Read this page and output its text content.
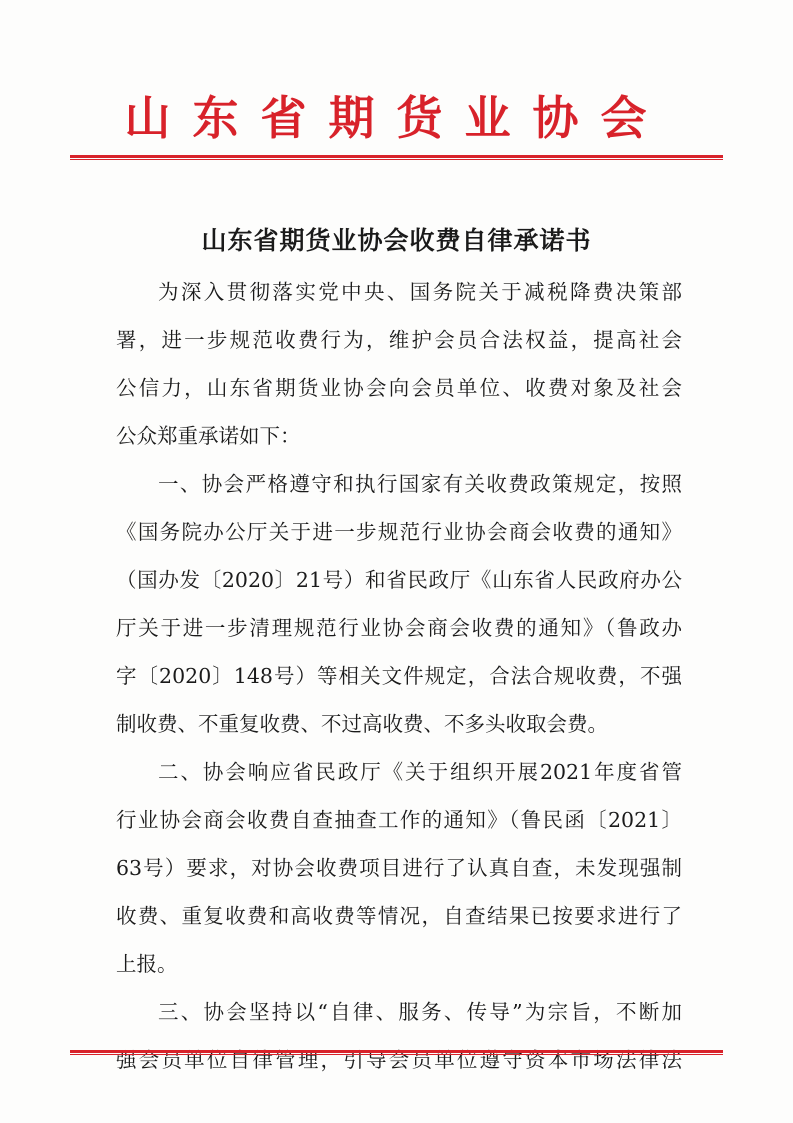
山东省期货业协会
山东省期货业协会收费自律承诺书
为深入贯彻落实党中央、国务院关于减税降费决策部
署，进一步规范收费行为，维护会员合法权益，提高社会
公信力，山东省期货业协会向会员单位、收费对象及社会
公众郑重承诺如下：
一、协会严格遵守和执行国家有关收费政策规定，按照
《国务院办公厅关于进一步规范行业协会商会收费的通知》
（国办发〔2020〕21号）和省民政厅《山东省人民政府办公
厅关于进一步清理规范行业协会商会收费的通知》（鲁政办
字〔2020〕148号）等相关文件规定，合法合规收费，不强
制收费、不重复收费、不过高收费、不多头收取会费。
二、协会响应省民政厅《关于组织开展2021年度省管
行业协会商会收费自查抽查工作的通知》（鲁民函〔2021〕
63号）要求，对协会收费项目进行了认真自查，未发现强制
收费、重复收费和高收费等情况，自查结果已按要求进行了
上报。
三、协会坚持以“自律、服务、传导”为宗旨，不断加
强会员单位自律管理，引导会员单位遵守资本市场法律法
